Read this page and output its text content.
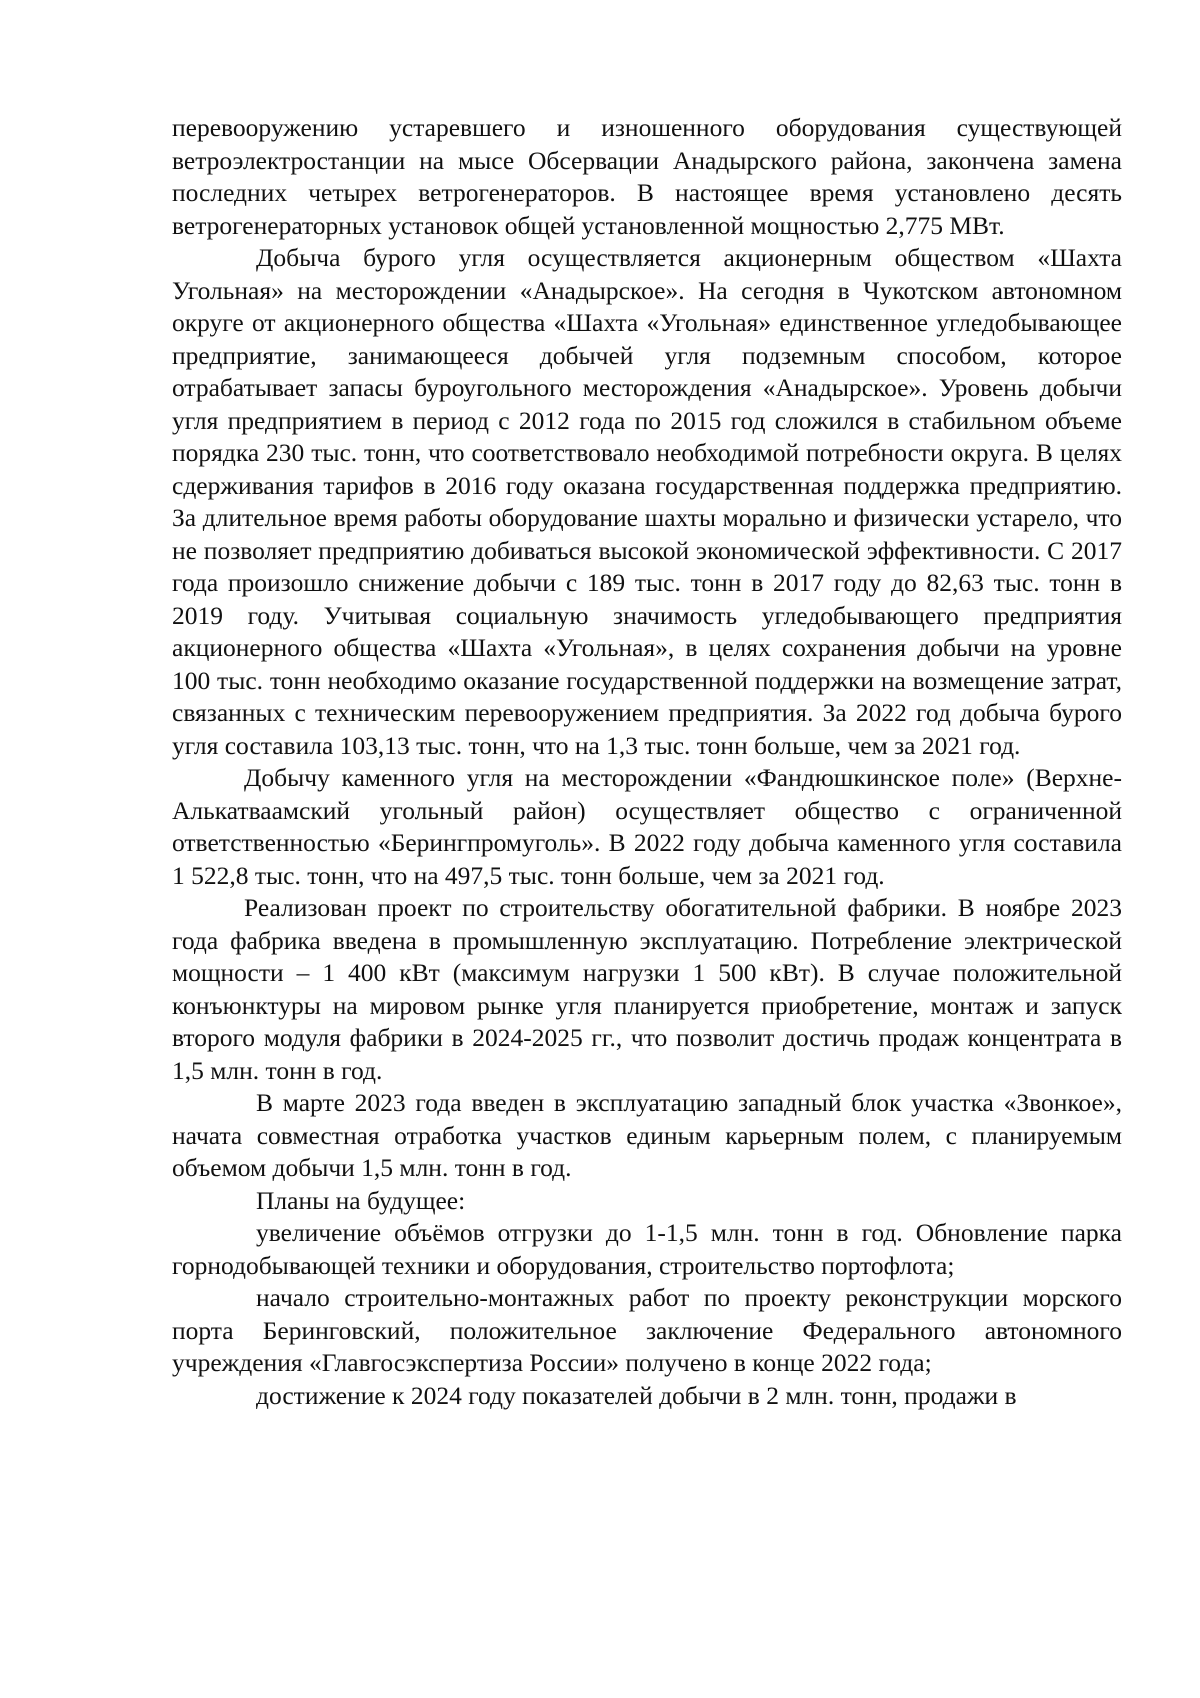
перевооружению устаревшего и изношенного оборудования существующей ветроэлектростанции на мысе Обсервации Анадырского района, закончена замена последних четырех ветрогенераторов. В настоящее время установлено десять ветрогенераторных установок общей установленной мощностью 2,775 МВт.

Добыча бурого угля осуществляется акционерным обществом «Шахта Угольная» на месторождении «Анадырское». На сегодня в Чукотском автономном округе от акционерного общества «Шахта «Угольная» единственное угледобывающее предприятие, занимающееся добычей угля подземным способом, которое отрабатывает запасы буроугольного месторождения «Анадырское». Уровень добычи угля предприятием в период с 2012 года по 2015 год сложился в стабильном объеме порядка 230 тыс. тонн, что соответствовало необходимой потребности округа. В целях сдерживания тарифов в 2016 году оказана государственная поддержка предприятию. За длительное время работы оборудование шахты морально и физически устарело, что не позволяет предприятию добиваться высокой экономической эффективности. С 2017 года произошло снижение добычи с 189 тыс. тонн в 2017 году до 82,63 тыс. тонн в 2019 году. Учитывая социальную значимость угледобывающего предприятия акционерного общества «Шахта «Угольная», в целях сохранения добычи на уровне 100 тыс. тонн необходимо оказание государственной поддержки на возмещение затрат, связанных с техническим перевооружением предприятия. За 2022 год добыча бурого угля составила 103,13 тыс. тонн, что на 1,3 тыс. тонн больше, чем за 2021 год.

Добычу каменного угля на месторождении «Фандюшкинское поле» (Верхне-Алькатваамский угольный район) осуществляет общество с ограниченной ответственностью «Берингпромуголь». В 2022 году добыча каменного угля составила 1 522,8 тыс. тонн, что на 497,5 тыс. тонн больше, чем за 2021 год.

Реализован проект по строительству обогатительной фабрики. В ноябре 2023 года фабрика введена в промышленную эксплуатацию. Потребление электрической мощности – 1 400 кВт (максимум нагрузки 1 500 кВт). В случае положительной конъюнктуры на мировом рынке угля планируется приобретение, монтаж и запуск второго модуля фабрики в 2024-2025 гг., что позволит достичь продаж концентрата в 1,5 млн. тонн в год.

В марте 2023 года введен в эксплуатацию западный блок участка «Звонкое», начата совместная отработка участков единым карьерным полем, с планируемым объемом добычи 1,5 млн. тонн в год.

Планы на будущее:

увеличение объёмов отгрузки до 1-1,5 млн. тонн в год. Обновление парка горнодобывающей техники и оборудования, строительство портофлота;

начало строительно-монтажных работ по проекту реконструкции морского порта Беринговский, положительное заключение Федерального автономного учреждения «Главгосэкспертиза России» получено в конце 2022 года;

достижение к 2024 году показателей добычи в 2 млн. тонн, продажи в
